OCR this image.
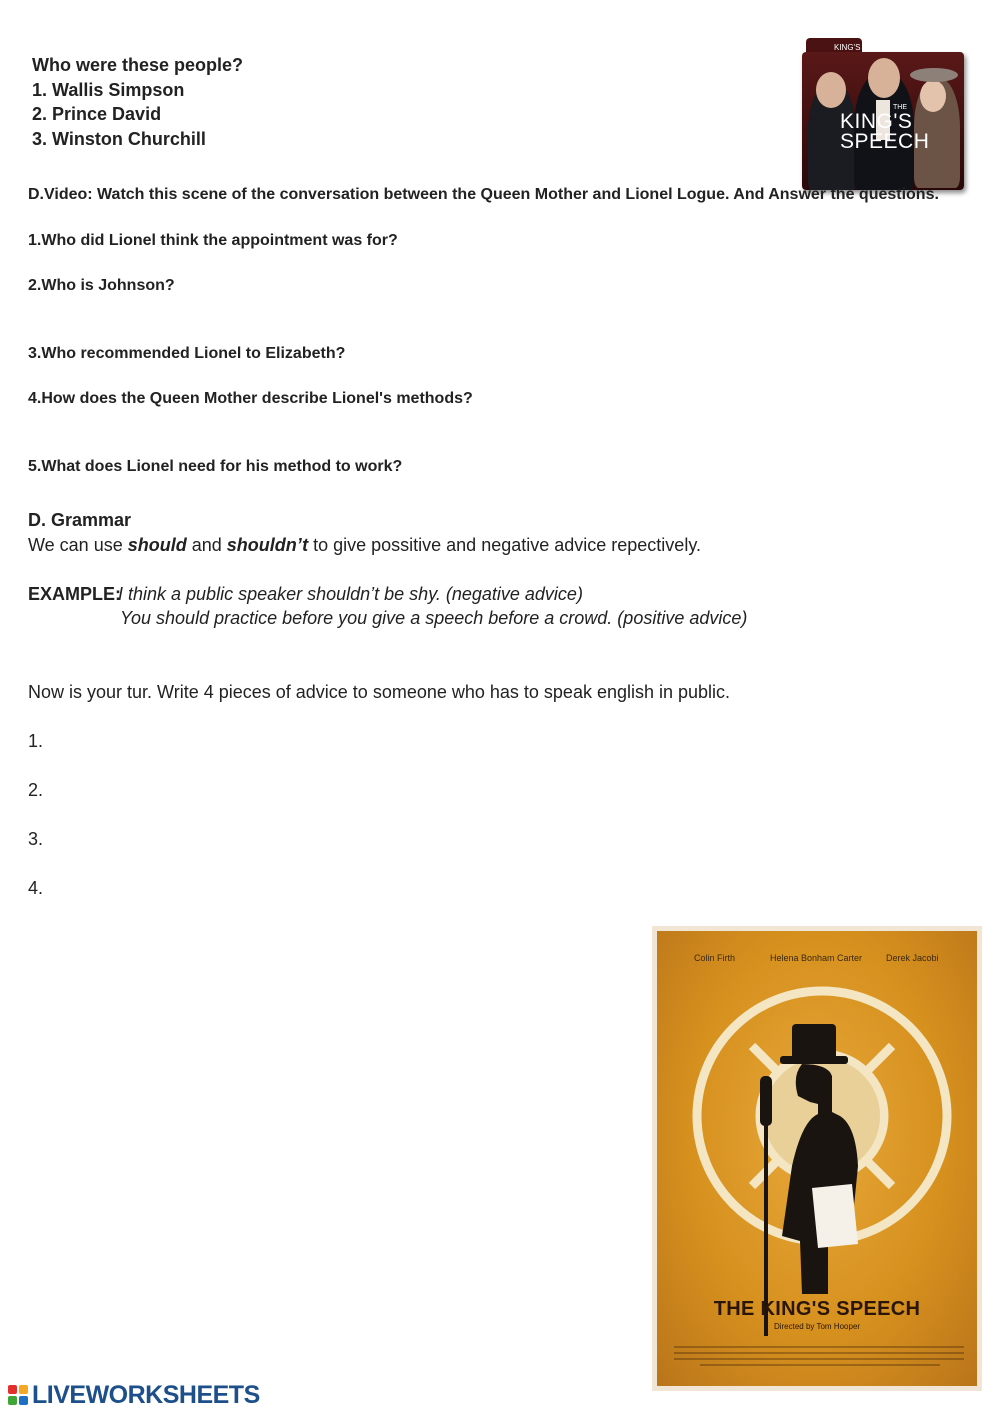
Who were these people?
1. Wallis Simpson
2. Prince David
3. Winston Churchill
KING'S
THE
KING'S
SPEECH
D.Video: Watch this scene of the conversation between the Queen Mother and Lionel Logue. And Answer the questions.
1.Who did Lionel think the appointment was for?
2.Who is Johnson?
3.Who recommended Lionel to Elizabeth?
4.How does the Queen Mother describe Lionel's methods?
5.What does Lionel need for his method to work?
D. Grammar
We can use should and shouldn’t to give possitive and negative advice repectively.
EXAMPLE:
I think a public speaker shouldn’t be shy. (negative advice)
You should practice before you give a speech before a crowd. (positive advice)
Now is your tur. Write 4 pieces of advice to someone who has to speak english in public.
1.
2.
3.
4.
Colin Firth	Helena Bonham Carter	Derek Jacobi
THE KING'S SPEECH
Directed by Tom Hooper
LIVEWORKSHEETS
